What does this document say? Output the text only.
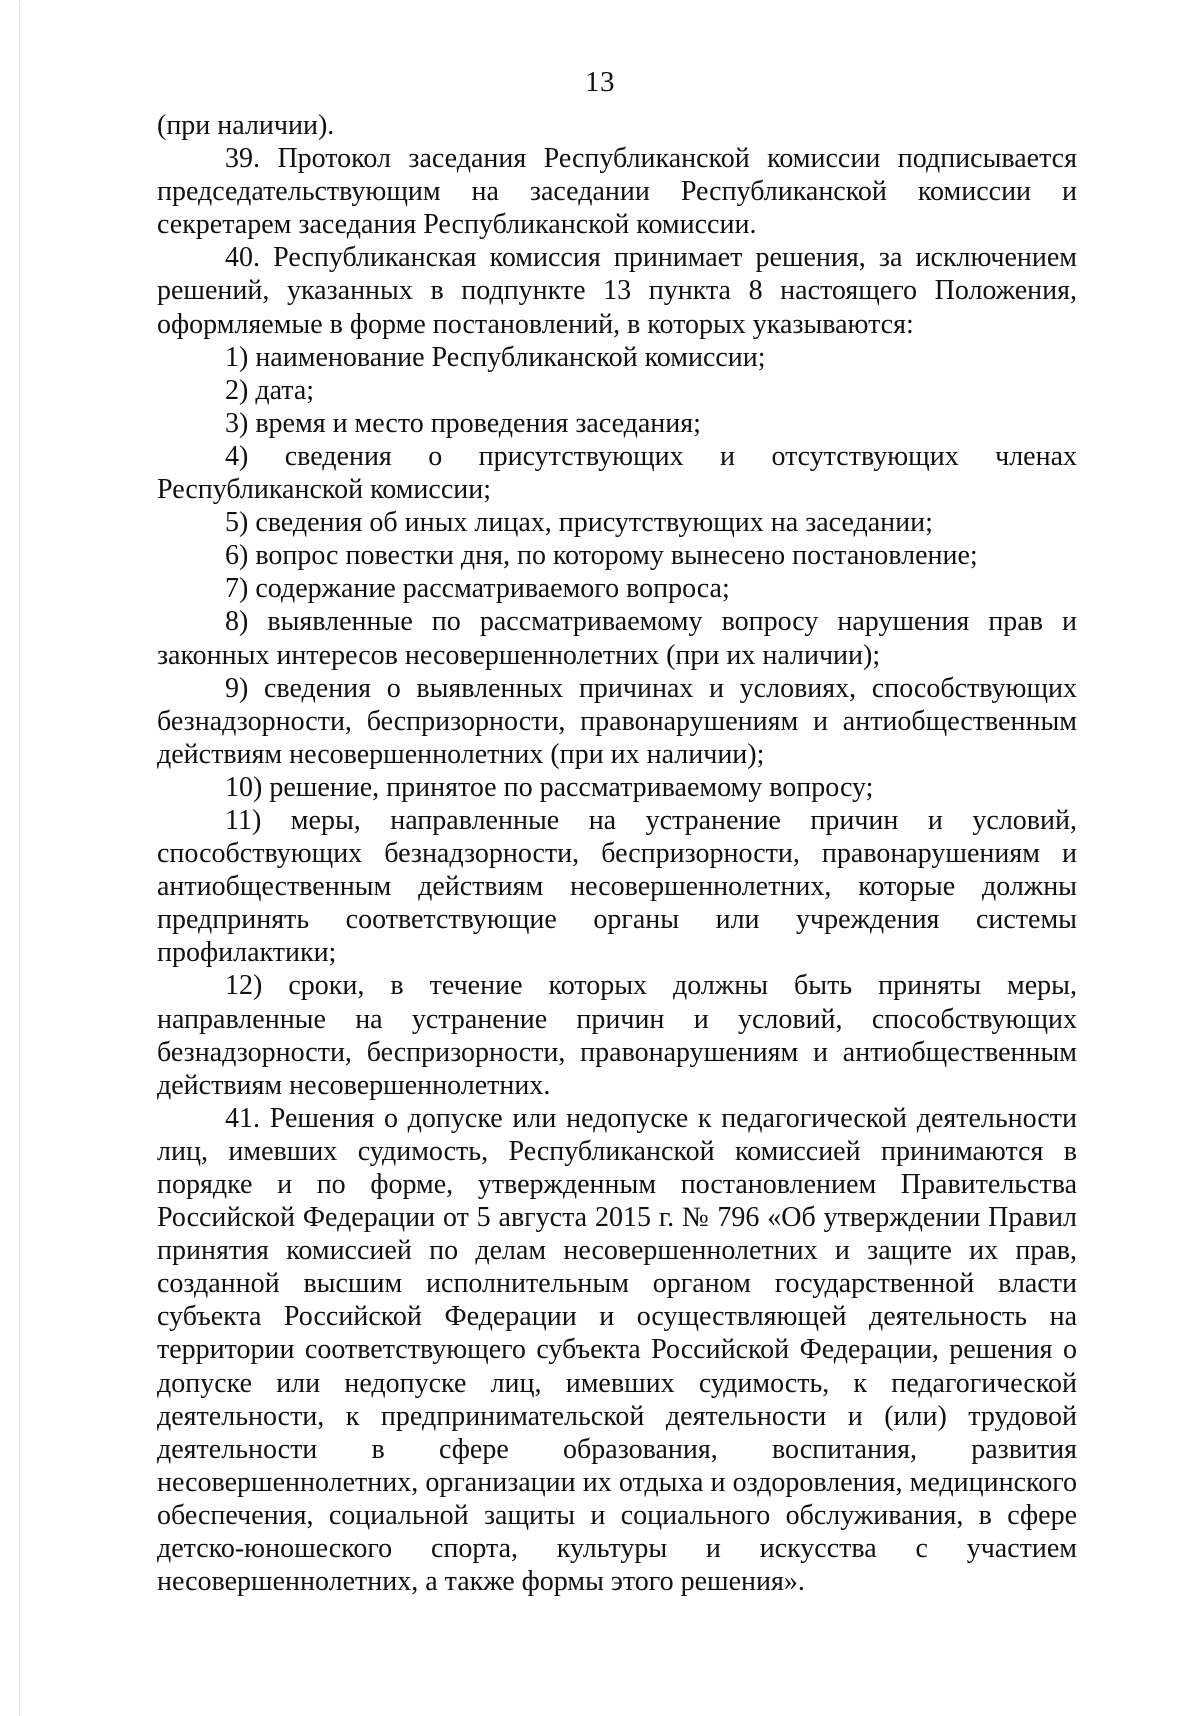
13

(при наличии).

39. Протокол заседания Республиканской комиссии подписывается председательствующим на заседании Республиканской комиссии и секретарем заседания Республиканской комиссии.

40. Республиканская комиссия принимает решения, за исключением решений, указанных в подпункте 13 пункта 8 настоящего Положения, оформляемые в форме постановлений, в которых указываются:

1) наименование Республиканской комиссии;

2) дата;

3) время и место проведения заседания;

4) сведения о присутствующих и отсутствующих членах Республиканской комиссии;

5) сведения об иных лицах, присутствующих на заседании;

6) вопрос повестки дня, по которому вынесено постановление;

7) содержание рассматриваемого вопроса;

8) выявленные по рассматриваемому вопросу нарушения прав и законных интересов несовершеннолетних (при их наличии);

9) сведения о выявленных причинах и условиях, способствующих безнадзорности, беспризорности, правонарушениям и антиобщественным действиям несовершеннолетних (при их наличии);

10) решение, принятое по рассматриваемому вопросу;

11) меры, направленные на устранение причин и условий, способствующих безнадзорности, беспризорности, правонарушениям и антиобщественным действиям несовершеннолетних, которые должны предпринять соответствующие органы или учреждения системы профилактики;

12) сроки, в течение которых должны быть приняты меры, направленные на устранение причин и условий, способствующих безнадзорности, беспризорности, правонарушениям и антиобщественным действиям несовершеннолетних.

41. Решения о допуске или недопуске к педагогической деятельности лиц, имевших судимость, Республиканской комиссией принимаются в порядке и по форме, утвержденным постановлением Правительства Российской Федерации от 5 августа 2015 г. № 796 «Об утверждении Правил принятия комиссией по делам несовершеннолетних и защите их прав, созданной высшим исполнительным органом государственной власти субъекта Российской Федерации и осуществляющей деятельность на территории соответствующего субъекта Российской Федерации, решения о допуске или недопуске лиц, имевших судимость, к педагогической деятельности, к предпринимательской деятельности и (или) трудовой деятельности в сфере образования, воспитания, развития несовершеннолетних, организации их отдыха и оздоровления, медицинского обеспечения, социальной защиты и социального обслуживания, в сфере детско-юношеского спорта, культуры и искусства с участием несовершеннолетних, а также формы этого решения».
